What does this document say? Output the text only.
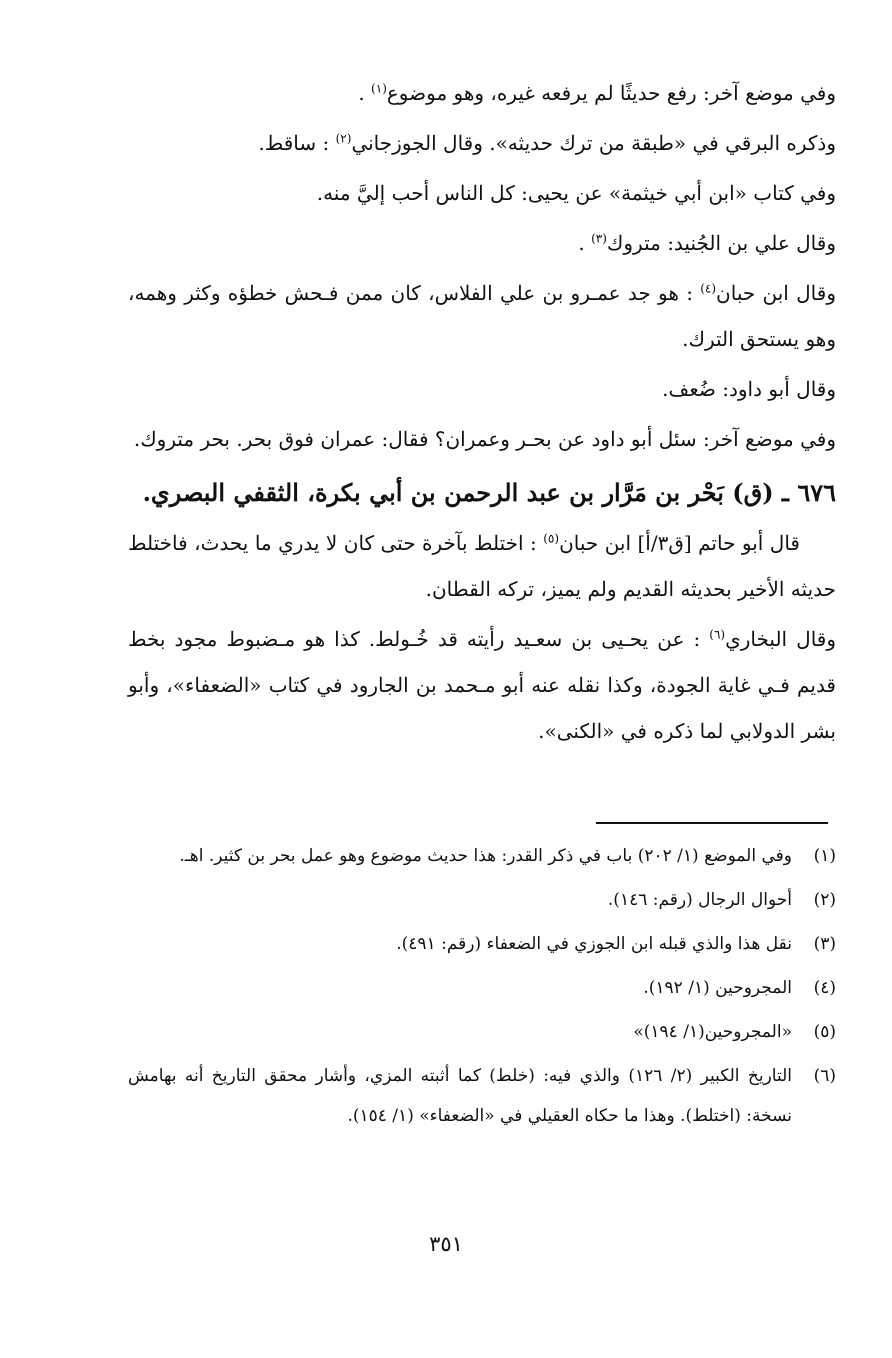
وفي موضع آخر: رفع حديثًا لم يرفعه غيره، وهو موضوع$^{(١)}$ .

وذكره البرقي في «طبقة من ترك حديثه». وقال الجوزجاني$^{(٢)}$ : ساقط.

وفي كتاب «ابن أبي خيثمة» عن يحيى: كل الناس أحب إليَّ منه.

وقال علي بن الجُنيد: متروك$^{(٣)}$ .

وقال ابن حبان$^{(٤)}$ : هو جد عمـرو بن علي الفلاس، كان ممن فـحش خطؤه وكثر وهمه، وهو يستحق الترك.

وقال أبو داود: ضُعف.

وفي موضع آخر: سئل أبو داود عن بحـر وعمران؟ فقال: عمران فوق بحر. بحر متروك.

٦٧٦ ـ (ق) بَحْر بن مَرَّار بن عبد الرحمن بن أبي بكرة، الثقفي البصري.

قال أبو حاتم [ق٣/أ] ابن حبان$^{(٥)}$ : اختلط بآخرة حتى كان لا يدري ما يحدث، فاختلط حديثه الأخير بحديثه القديم ولم يميز، تركه القطان.

وقال البخاري$^{(٦)}$ : عن يحـيى بن سعـيد رأيته قد خُـولط. كذا هو مـضبوط مجود بخط قديم فـي غاية الجودة، وكذا نقله عنه أبو مـحمد بن الجارود في كتاب «الضعفاء»، وأبو بشر الدولابي لما ذكره في «الكنى».

(١)
وفي الموضع (١/ ٢٠٢) باب في ذكر القدر: هذا حديث موضوع وهو عمل بحر بن كثير. اهـ.

(٢)
أحوال الرجال (رقم: ١٤٦).

(٣)
نقل هذا والذي قبله ابن الجوزي في الضعفاء (رقم: ٤٩١).

(٤)
المجروحين (١/ ١٩٢).

(٥)
«المجروحين(١/ ١٩٤)»

(٦)
التاريخ الكبير (٢/ ١٢٦) والذي فيه: (خلط) كما أثبته المزي، وأشار محقق التاريخ أنه بهامش نسخة: (اختلط). وهذا ما حكاه العقيلي في «الضعفاء» (١/ ١٥٤).

٣٥١
